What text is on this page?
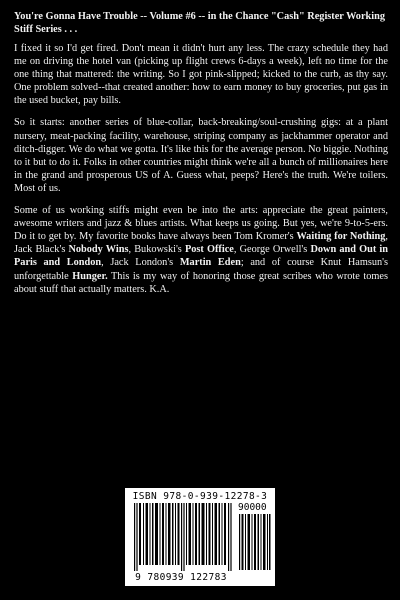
You're Gonna Have Trouble -- Volume #6 -- in the Chance "Cash" Register Working Stiff Series . . .

I fixed it so I'd get fired. Don't mean it didn't hurt any less. The crazy schedule they had me on driving the hotel van (picking up flight crews 6-days a week), left no time for the one thing that mattered: the writing. So I got pink-slipped; kicked to the curb, as thy say. One problem solved--that created another: how to earn money to buy groceries, put gas in the used bucket, pay bills.

So it starts: another series of blue-collar, back-breaking/soul-crushing gigs: at a plant nursery, meat-packing facility, warehouse, striping company as jackhammer operator and ditch-digger. We do what we gotta. It's like this for the average person. No biggie. Nothing to it but to do it. Folks in other countries might think we're all a bunch of millionaires here in the grand and prosperous US of A. Guess what, peeps? Here's the truth. We're toilers. Most of us.

Some of us working stiffs might even be into the arts: appreciate the great painters, awesome writers and jazz & blues artists. What keeps us going. But yes, we're 9-to-5-ers. Do it to get by. My favorite books have always been Tom Kromer's Waiting for Nothing, Jack Black's Nobody Wins, Bukowski's Post Office, George Orwell's Down and Out in Paris and London, Jack London's Martin Eden; and of course Knut Hamsun's unforgettable Hunger. This is my way of honoring those great scribes who wrote tomes about stuff that actually matters. K.A.

ISBN 978-0-939-12278-3
90000
9 780939 122783
